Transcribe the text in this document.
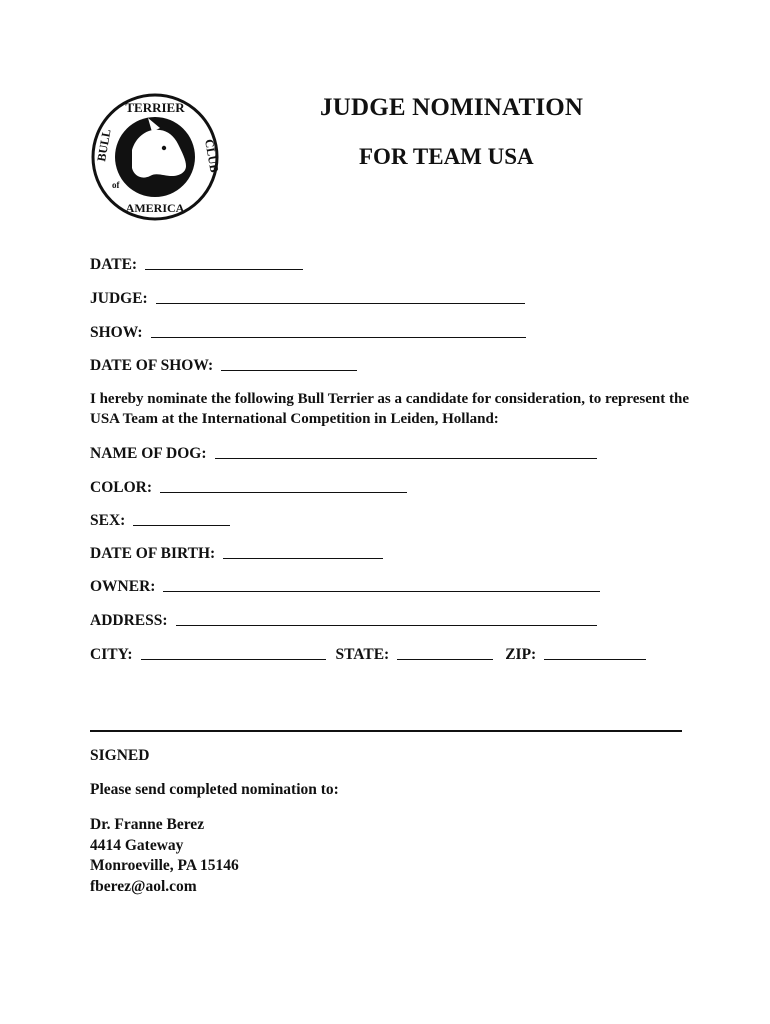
TERRIER
BULL	CLUB
of
AMERICA
JUDGE NOMINATION
FOR TEAM USA
DATE:
JUDGE:
SHOW:
DATE OF SHOW:
I hereby nominate the following Bull Terrier as a candidate for consideration, to represent the USA Team at the International Competition in Leiden, Holland:
NAME OF DOG:
COLOR:
SEX:
DATE OF BIRTH:
OWNER:
ADDRESS:
CITY:	STATE:	ZIP:
SIGNED
Please send completed nomination to:
Dr. Franne Berez
4414 Gateway
Monroeville, PA 15146
fberez@aol.com
